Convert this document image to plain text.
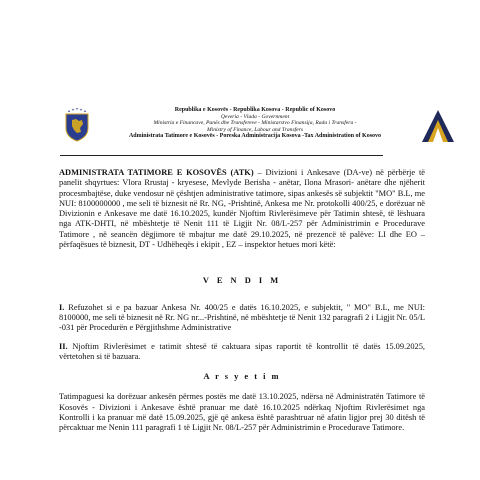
Republika e Kosovës - Republika Kosova - Republic of Kosovo
Qeveria - Vlada - Government
Ministria e Financave, Punës dhe Transfereve - Ministarstvo Finansija, Rada i Transfera -
Ministry of Finance, Labour and Transfers
Administrata Tatimore e Kosovës - Poreska Administracija Kosova -Tax Administration of Kosovo

ADMINISTRATA TATIMORE E KOSOVËS (ATK) – Divizioni i Ankesave (DA-ve) në përbërje të panelit shqyrtues: Vlora Rrustaj - kryesese, Mevlyde Berisha - anëtar, Ilona Mrasori- anëtare dhe njëherit procesmbajtëse, duke vendosur në çështjen administrative tatimore, sipas ankesës së subjektit "MO" B.L, me NUI: 8100000000 , me seli të biznesit në Rr. NG, -Prishtinë, Ankesa me Nr. protokolli 400/25, e dorëzuar në Divizionin e Ankesave me datë 16.10.2025, kundër Njoftim Rivlerësimeve për Tatimin shtesë, të lëshuara nga ATK-DHTI, në mbështetje të Nenit 111 të Ligjit Nr. 08/L-257 për Administrimin e Procedurave Tatimore , në seancën dëgjimore të mbajtur me datë 29.10.2025, në prezencë të palëve: LI dhe EO – përfaqësues të biznesit, DT - Udhëheqës i ekipit , EZ – inspektor hetues mori këtë:

V E N D I M

I. Refuzohet si e pa bazuar Ankesa Nr. 400/25 e datës 16.10.2025, e subjektit, " MO" B.L, me NUI: 8100000, me seli të biznesit në Rr. NG nr...-Prishtinë, në mbështetje të Nenit 132 paragrafi 2 i Ligjit Nr. 05/L -031 për Procedurën e Përgjithshme Administrative

II. Njoftim Rivlerësimet e tatimit shtesë të caktuara sipas raportit të kontrollit të datës 15.09.2025, vërtetohen si të bazuara.

A r s y e t i m

Tatimpaguesi ka dorëzuar ankesën përmes postës me datë 13.10.2025, ndërsa në Administratën Tatimore të Kosovës - Divizioni i Ankesave është pranuar me datë 16.10.2025 ndërkaq Njoftim Rivlerësimet nga Kontrolli i ka pranuar më datë 15.09.2025, gjë që ankesa është parashtruar në afatin ligjor prej 30 ditësh të përcaktuar me Nenin 111 paragrafi 1 të Ligjit Nr. 08/L-257 për Administrimin e Procedurave Tatimore.
